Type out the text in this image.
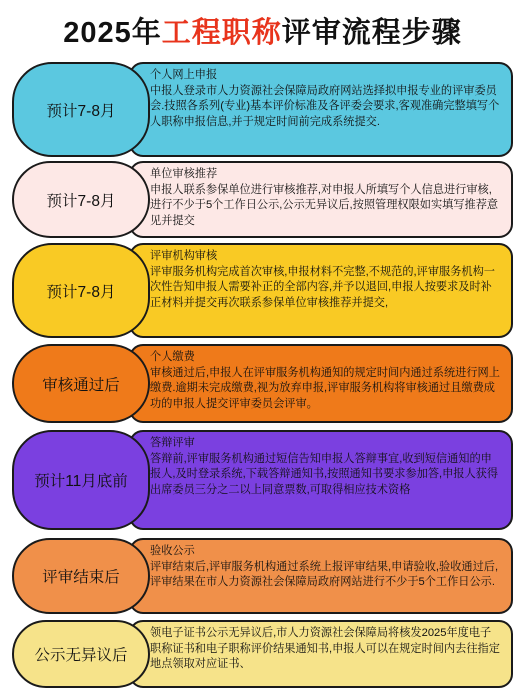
2025年工程职称评审流程步骤
个人网上申报
中报人登录市人力资源社会保障局政府网站选择拟申报专业的评审委员会.技照各系列(专业)基本评价标准及各评委会要求,客观准确完整填写个人职称申报信息,并于规定时间前完成系统提交.
预计7-8月
单位审核推荐
申报人联系参保单位进行审核推荐,对申报人所填写个人信息进行审核,进行不少于5个工作日公示,公示无异议后,按照管理权限如实填写推荐意见并提交
预计7-8月
评审机构审核
评审服务机构完成首次审核,申报材料不完整,不规范的,评审服务机构一次性告知申报人需要补正的全部内容,并予以退回,申报人按要求及时补正材料并提交再次联系参保单位审核推荐并提交,
预计7-8月
个人缴费
审核通过后,申报人在评审服务机构通知的规定时间内通过系统进行网上缴费.逾期未完成缴费,视为放弃申报,评审服务机构将审核通过且缴费成功的申报人提交评审委员会评审。
审核通过后
答辩评审
答辩前,评审服务机构通过短信告知申报人答辩事宜,收到短信通知的申报人,及时登录系统,下载答辩通知书,按照通知书要求参加答,申报人获得出席委员三分之二以上同意票数,可取得相应技术资格
预计11月底前
验收公示
评审结束后,评审服务机构通过系统上报评审结果,申请验收,验收通过后,评审结果在市人力资源社会保障局政府网站进行不少于5个工作日公示.
评审结束后
领电子证书公示无异议后,市人力资源社会保障局将核发2025年度电子职称证书和电子职称评价结果通知书,申报人可以在规定时间内去往指定地点领取对应证书、
公示无异议后
